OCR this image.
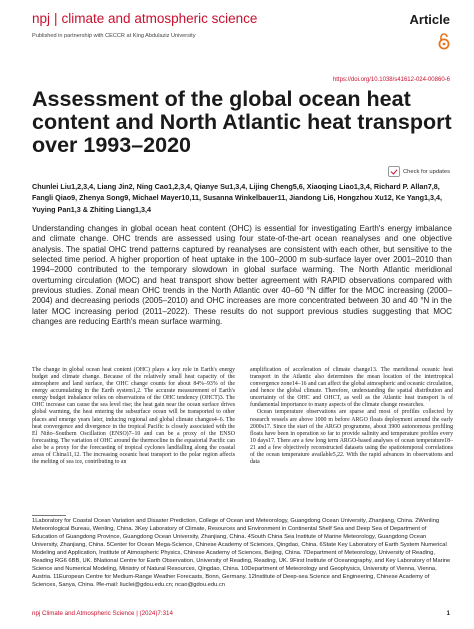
npj | climate and atmospheric science	Article
Published in partnership with CECCR at King Abdulaziz University
https://doi.org/10.1038/s41612-024-00860-6
Assessment of the global ocean heat content and North Atlantic heat transport over 1993–2020
Check for updates
Chunlei Liu1,2,3,4, Liang Jin2, Ning Cao1,2,3,4, Qianye Su1,3,4, Lijing Cheng5,6, Xiaoqing Liao1,3,4, Richard P. Allan7,8, Fangli Qiao9, Zhenya Song9, Michael Mayer10,11, Susanna Winkelbauer11, Jiandong Li6, Hongzhou Xu12, Ke Yang1,3,4, Yuying Pan1,3 & Zhiting Liang1,3,4
Understanding changes in global ocean heat content (OHC) is essential for investigating Earth's energy imbalance and climate change. OHC trends are assessed using four state-of-the-art ocean reanalyses and one objective analysis. The spatial OHC trend patterns captured by reanalyses are consistent with each other, but sensitive to the selected time period. A higher proportion of heat uptake in the 100–2000 m sub-surface layer over 2001–2010 than 1994–2000 contributed to the temporary slowdown in global surface warming. The North Atlantic meridional overturning circulation (MOC) and heat transport show better agreement with RAPID observations compared with previous studies. Zonal mean OHC trends in the North Atlantic over 40–60 °N differ for the MOC increasing (2000–2004) and decreasing periods (2005–2010) and OHC increases are more concentrated between 30 and 40 °N in the later MOC increasing period (2011–2022). These results do not support previous studies suggesting that MOC changes are reducing Earth's mean surface warming.

The change in global ocean heat content (OHC) plays a key role in Earth's energy budget and climate change. Because of the relatively small heat capacity of the atmosphere and land surface, the OHC change counts for about 84%–93% of the energy accumulating in the Earth system1,2. The accurate measurement of Earth's energy budget imbalance relies on observations of the OHC tendency (OHCT)3. The OHC increase can cause the sea level rise; the heat gain near the ocean surface drives global warming, the heat entering the subsurface ocean will be transported to other places and emerge years later, inducing regional and global climate changes4–6. The heat convergence and divergence in the tropical Pacific is closely associated with the El Niño–Southern Oscillation (ENSO)7–10 and can be a proxy of the ENSO forecasting. The variation of OHC around the thermocline in the equatorial Pacific can also be a proxy for the forecasting of tropical cyclones landfalling along the coastal areas of China11,12. The increasing oceanic heat transport to the polar region affects the melting of sea ice, contributing to an

amplification of acceleration of climate change13. The meridional oceanic heat transport in the Atlantic also determines the mean location of the intertropical convergence zone14–16 and can affect the global atmospheric and oceanic circulation, and hence the global climate. Therefore, understanding the spatial distribution and uncertainty of the OHC and OHCT, as well as the Atlantic heat transport is of fundamental importance to many aspects of the climate change researches.

Ocean temperature observations are sparse and most of profiles collected by research vessels are above 1000 m before ARGO floats deployment around the early 2000s17. Since the start of the ARGO programme, about 3900 autonomous profiling floats have been in operation so far to provide salinity and temperature profiles every 10 days17. There are a few long term ARGO-based analyses of ocean temperature18–21 and a few objectively reconstructed datasets using the spatiotemporal correlations of the ocean temperature available5,22. With the rapid advances in observations and data

1Laboratory for Coastal Ocean Variation and Disaster Prediction, College of Ocean and Meteorology, Guangdong Ocean University, Zhanjiang, China. 2Wenling Meteorological Bureau, Wenling, China. 3Key Laboratory of Climate, Resources and Environment in Continental Shelf Sea and Deep Sea of Department of Education of Guangdong Province, Guangdong Ocean University, Zhanjiang, China. 4South China Sea Institute of Marine Meteorology, Guangdong Ocean University, Zhanjiang, China. 5Center for Ocean Mega-Science, Chinese Academy of Sciences, Qingdao, China. 6State Key Laboratory of Earth System Numerical Modeling and Application, Institute of Atmospheric Physics, Chinese Academy of Sciences, Beijing, China. 7Department of Meteorology, University of Reading, Reading RG6 6BB, UK. 8National Centre for Earth Observation, University of Reading, Reading, UK. 9First Institute of Oceanography, and Key Laboratory of Marine Science and Numerical Modeling, Ministry of Natural Resources, Qingdao, China. 10Department of Meteorology and Geophysics, University of Vienna, Vienna, Austria. 11European Centre for Medium-Range Weather Forecasts, Bonn, Germany. 12Institute of Deep-sea Science and Engineering, Chinese Academy of Sciences, Sanya, China. ✉e-mail: liuclei@gdou.edu.cn; ncao@gdou.edu.cn
npj Climate and Atmospheric Science | (2024)7:314	1
